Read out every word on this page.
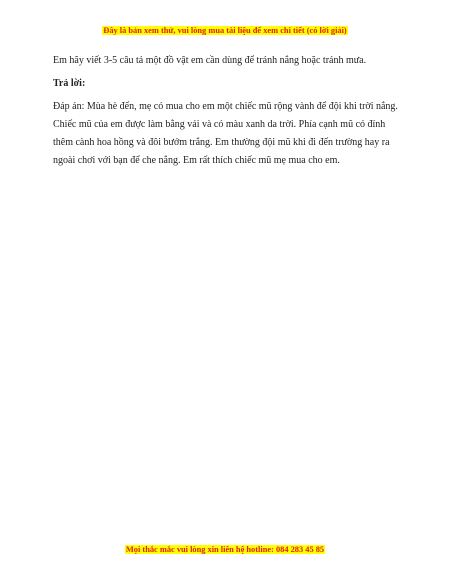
Đây là bản xem thử, vui lòng mua tài liệu để xem chi tiết (có lời giải)

Em hãy viết 3-5 câu tả một đồ vật em cần dùng để tránh nắng hoặc tránh mưa.

Trả lời:

Đáp án: Mùa hè đến, mẹ có mua cho em một chiếc mũ rộng vành để đội khi trời nắng. Chiếc mũ của em được làm bằng vải và có màu xanh da trời. Phía cạnh mũ có đính thêm cành hoa hồng và đôi bướm trắng. Em thường đội mũ khi đi đến trường hay ra ngoài chơi với bạn để che nắng. Em rất thích chiếc mũ mẹ mua cho em.

Mọi thắc mắc vui lòng xin liên hệ hotline: 084 283 45 85
